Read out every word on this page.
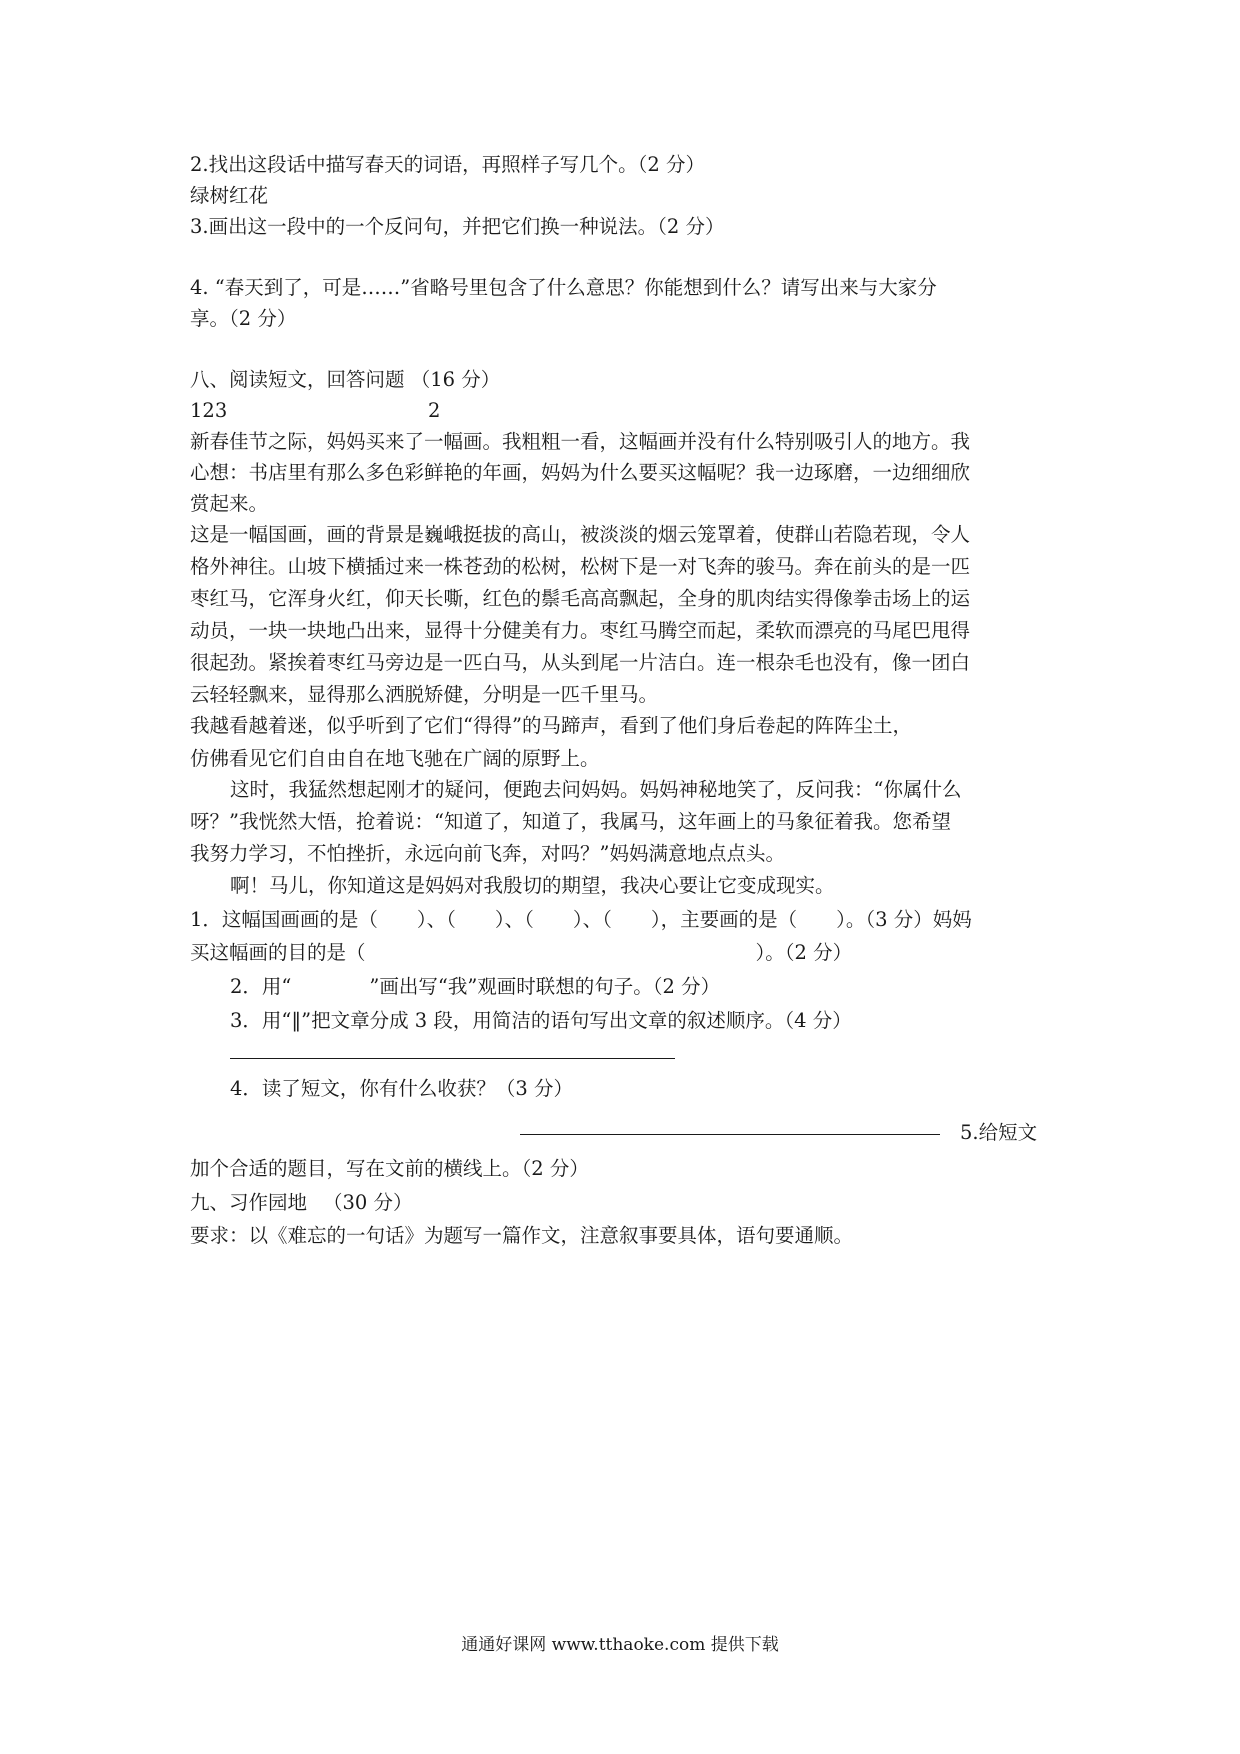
2.找出这段话中描写春天的词语，再照样子写几个。（2 分）
绿树红花
3.画出这一段中的一个反问句，并把它们换一种说法。（2 分）
4. “春天到了，可是……”省略号里包含了什么意思？你能想到什么？请写出来与大家分
享。（2 分）
八、阅读短文，回答问题 （16 分）
123	2
新春佳节之际，妈妈买来了一幅画。我粗粗一看，这幅画并没有什么特别吸引人的地方。我
心想：书店里有那么多色彩鲜艳的年画，妈妈为什么要买这幅呢？我一边琢磨，一边细细欣
赏起来。
这是一幅国画，画的背景是巍峨挺拔的高山，被淡淡的烟云笼罩着，使群山若隐若现，令人
格外神往。山坡下横插过来一株苍劲的松树，松树下是一对飞奔的骏马。奔在前头的是一匹
枣红马，它浑身火红，仰天长嘶，红色的鬃毛高高飘起，全身的肌肉结实得像拳击场上的运
动员，一块一块地凸出来，显得十分健美有力。枣红马腾空而起，柔软而漂亮的马尾巴甩得
很起劲。紧挨着枣红马旁边是一匹白马，从头到尾一片洁白。连一根杂毛也没有，像一团白
云轻轻飘来，显得那么洒脱矫健，分明是一匹千里马。
我越看越着迷，似乎听到了它们“得得”的马蹄声，看到了他们身后卷起的阵阵尘土，
仿佛看见它们自由自在地飞驰在广阔的原野上。
这时，我猛然想起刚才的疑问，便跑去问妈妈。妈妈神秘地笑了，反问我：“你属什么
呀？”我恍然大悟，抢着说：“知道了，知道了，我属马，这年画上的马象征着我。您希望
我努力学习，不怕挫折，永远向前飞奔，对吗？”妈妈满意地点点头。
啊！马儿，你知道这是妈妈对我殷切的期望，我决心要让它变成现实。
1．这幅国画画的是（　　）、（　　）、（　　）、（　　），主要画的是（　　）。（3 分）妈妈
买这幅画的目的是（　　　　　　　　　　　　　　　　　　　　）。（2 分）
2．用“　　　　”画出写“我”观画时联想的句子。（2 分）
3．用“‖”把文章分成 3 段，用简洁的语句写出文章的叙述顺序。（4 分）
4．读了短文，你有什么收获？（3 分）
5.给短文
加个合适的题目，写在文前的横线上。（2 分）
九、习作园地 　（30 分）
要求：以《难忘的一句话》为题写一篇作文，注意叙事要具体，语句要通顺。
通通好课网 www.tthaoke.com 提供下载
